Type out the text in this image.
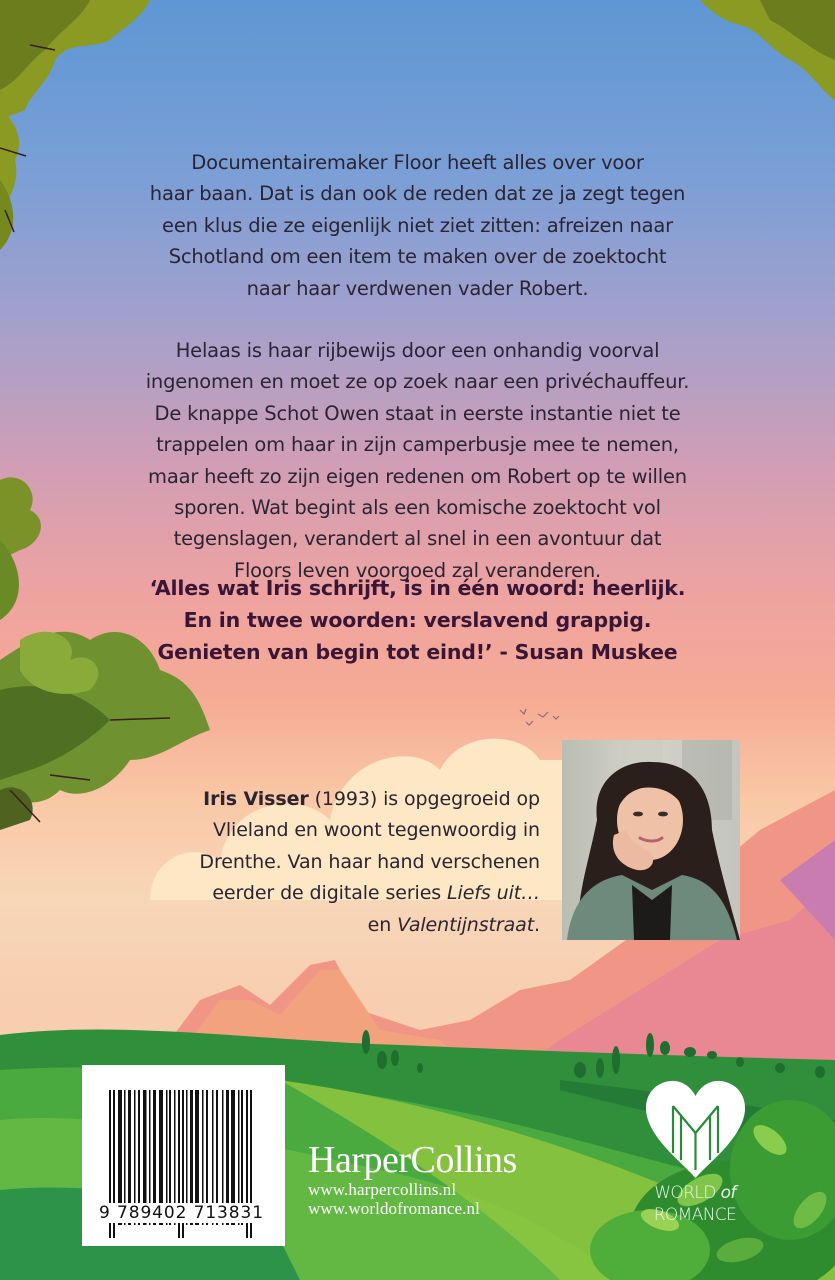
Documentairemaker Floor heeft alles over voor
haar baan. Dat is dan ook de reden dat ze ja zegt tegen
een klus die ze eigenlijk niet ziet zitten: afreizen naar
Schotland om een item te maken over de zoektocht
naar haar verdwenen vader Robert.

Helaas is haar rijbewijs door een onhandig voorval
ingenomen en moet ze op zoek naar een privéchauffeur.
De knappe Schot Owen staat in eerste instantie niet te
trappelen om haar in zijn camperbusje mee te nemen,
maar heeft zo zijn eigen redenen om Robert op te willen
sporen. Wat begint als een komische zoektocht vol
tegenslagen, verandert al snel in een avontuur dat
Floors leven voorgoed zal veranderen.

‘Alles wat Iris schrijft, is in één woord: heerlijk.
En in twee woorden: verslavend grappig.
Genieten van begin tot eind!’ - Susan Muskee
Iris Visser (1993) is opgegroeid op
Vlieland en woont tegenwoordig in
Drenthe. Van haar hand verschenen
eerder de digitale series Liefs uit…
en Valentijnstraat.
9 789402 713831
HarperCollins
www.harpercollins.nl
www.worldofromance.nl
WORLD of
ROMANCE
